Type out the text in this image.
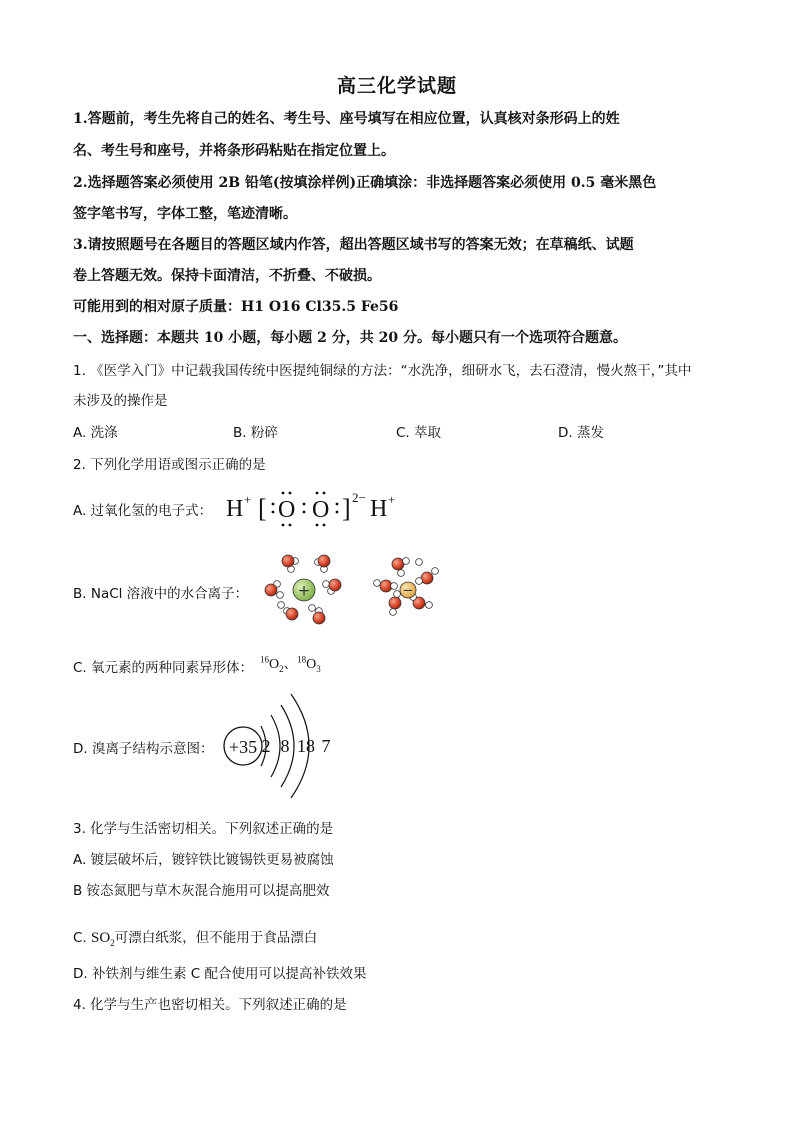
高三化学试题
1.答题前，考生先将自己的姓名、考生号、座号填写在相应位置，认真核对条形码上的姓
名、考生号和座号，并将条形码粘贴在指定位置上。
2.选择题答案必须使用 2B 铅笔(按填涂样例)正确填涂：非选择题答案必须使用 0.5 毫米黑色
签字笔书写，字体工整，笔迹清晰。
3.请按照题号在各题目的答题区域内作答，超出答题区域书写的答案无效；在草稿纸、试题
卷上答题无效。保持卡面清洁，不折叠、不破损。
可能用到的相对原子质量：H1 O16 Cl35.5 Fe56
一、选择题：本题共 10 小题，每小题 2 分，共 20 分。每小题只有一个选项符合题意。
1. 《医学入门》中记载我国传统中医提纯铜绿的方法：“水洗净，细研水飞，去石澄清，慢火熬干，”其中
未涉及的操作是
A. 洗涤	B. 粉碎	C. 萃取	D. 蒸发
2. 下列化学用语或图示正确的是
A. 过氧化氢的电子式： H + [ O O ] 2− H +
B. NaCl 溶液中的水合离子：	+	−
C. 氧元素的两种同素异形体：
$^{16}O_2$、$^{18}O_3$
D. 溴离子结构示意图： +35 2 8 18 7
3. 化学与生活密切相关。下列叙述正确的是
A. 镀层破坏后，镀锌铁比镀锡铁更易被腐蚀
B 铵态氮肥与草木灰混合施用可以提高肥效
C. $SO_2$可漂白纸浆，但不能用于食品漂白
D. 补铁剂与维生素 C 配合使用可以提高补铁效果
4. 化学与生产也密切相关。下列叙述正确的是
